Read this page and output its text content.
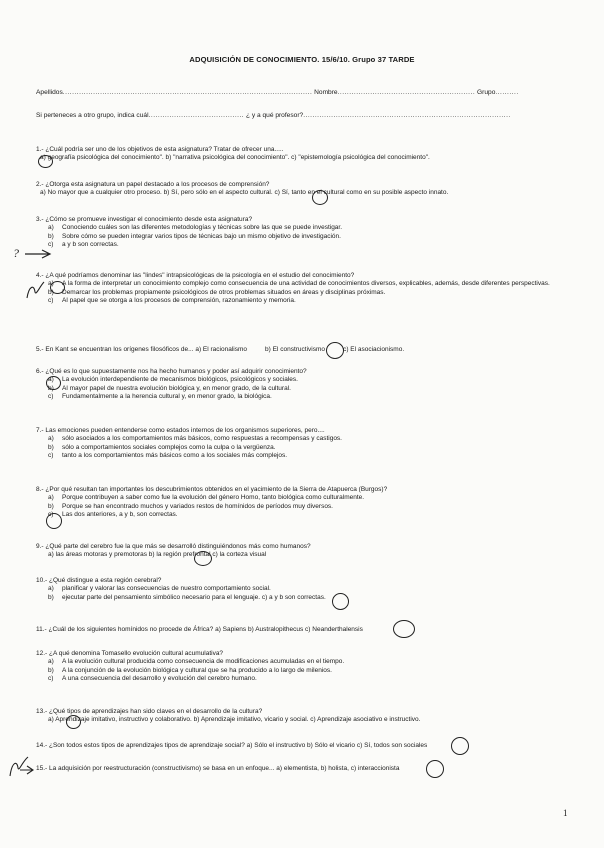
ADQUISICIÓN DE CONOCIMIENTO. 15/6/10. Grupo 37 TARDE
Apellidos........................................................................................................... Nombre........................................................... Grupo..........
Si perteneces a otro grupo, indica cuál......................................... ¿ y a qué profesor?.........................................................................................
1.- ¿Cuál podría ser uno de los objetivos de esta asignatura? Tratar de ofrecer una.....
a) geografía psicológica del conocimiento". b) "narrativa psicológica del conocimiento". c) "epistemología psicológica del conocimiento".
2.- ¿Otorga esta asignatura un papel destacado a los procesos de comprensión?
a) No mayor que a cualquier otro proceso. b) Sí, pero sólo en el aspecto cultural. c) Sí, tanto en el cultural como en su posible aspecto innato.
3.- ¿Cómo se promueve investigar el conocimiento desde esta asignatura?
a)	Conociendo cuáles son las diferentes metodologías y técnicas sobre las que se puede investigar.
b)	Sobre cómo se pueden integrar varios tipos de técnicas bajo un mismo objetivo de investigación.
c)	a y b son correctas.
4.- ¿A qué podríamos denominar las "lindes" intrapsicológicas de la psicología en el estudio del conocimiento?
a)	A la forma de interpretar un conocimiento complejo como consecuencia de una actividad de conocimientos diversos, explicables, además, desde diferentes perspectivas.
b)	Demarcar los problemas propiamente psicológicos de otros problemas situados en áreas y disciplinas próximas.
c)	Al papel que se otorga a los procesos de comprensión, razonamiento y memoria.
5.- En Kant se encuentran los orígenes filosóficos de... a) El racionalismo          b) El constructivismo          c) El asociacionismo.
6.- ¿Qué es lo que supuestamente nos ha hecho humanos y poder así adquirir conocimiento?
a)	La evolución interdependiente de mecanismos biológicos, psicológicos y sociales.
b)	Al mayor papel de nuestra evolución biológica y, en menor grado, de la cultural.
c)	Fundamentalmente a la herencia cultural y, en menor grado, la biológica.
7.- Las emociones pueden entenderse como estados internos de los organismos superiores, pero....
a)	sólo asociados a los comportamientos más básicos, como respuestas a recompensas y castigos.
b)	sólo a comportamientos sociales complejos como la culpa o la vergüenza.
c)	tanto a los comportamientos más básicos como a los sociales más complejos.
8.- ¿Por qué resultan tan importantes los descubrimientos obtenidos en el yacimiento de la Sierra de Atapuerca (Burgos)?
a)	Porque contribuyen a saber como fue la evolución del género Homo, tanto biológica como culturalmente.
b)	Porque se han encontrado muchos y variados restos de homínidos de períodos muy diversos.
c)	Las dos anteriores, a y b, son correctas.
9.- ¿Qué parte del cerebro fue la que más se desarrolló distinguiéndonos más como humanos?
a) las áreas motoras y premotoras b) la región prefrontal c) la corteza visual
10.- ¿Qué distingue a esta región cerebral?
a)	planificar y valorar las consecuencias de nuestro comportamiento social.
b)	ejecutar parte del pensamiento simbólico necesario para el lenguaje. c) a y b son correctas.
11.- ¿Cuál de los siguientes homínidos no procede de África? a) Sapiens b) Australopithecus c) Neanderthalensis
12.- ¿A qué denomina Tomasello evolución cultural acumulativa?
a)	A la evolución cultural producida como consecuencia de modificaciones acumuladas en el tiempo.
b)	A la conjunción de la evolución biológica y cultural que se ha producido a lo largo de milenios.
c)	A una consecuencia del desarrollo y evolución del cerebro humano.
13.- ¿Qué tipos de aprendizajes han sido claves en el desarrollo de la cultura?
a) Aprendizaje imitativo, instructivo y colaborativo. b) Aprendizaje imitativo, vicario y social. c) Aprendizaje asociativo e instructivo.
14.- ¿Son todos estos tipos de aprendizajes tipos de aprendizaje social? a) Sólo el instructivo b) Sólo el vicario c) Sí, todos son sociales
15.- La adquisición por reestructuración (constructivismo) se basa en un enfoque... a) elementista, b) holista, c) interaccionista
?
1
